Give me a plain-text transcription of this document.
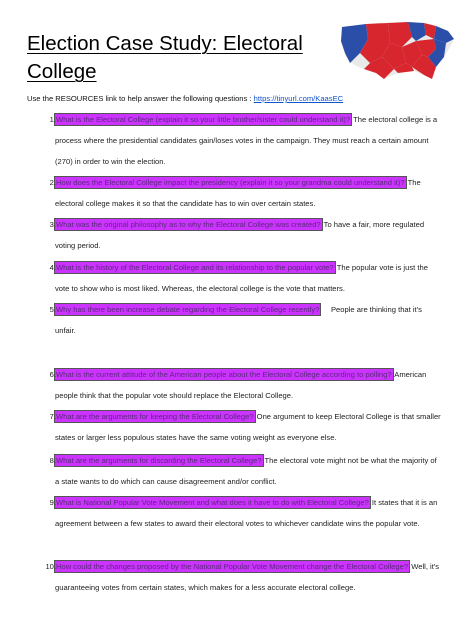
Election Case Study: Electoral
College
Use the RESOURCES link to help answer the following questions : https://tinyurl.com/KaasEC
1. What is the Electoral College (explain it so your little brother/sister could understand it)? The electoral college is a process where the presidential candidates gain/loses votes in the campaign. They must reach a certain amount (270) in order to win the election.
2. How does the Electoral College impact the presidency (explain it so your grandma could understand it)? The electoral college makes it so that the candidate has to win over certain states.
3. What was the original philosophy as to why the Electoral College was created? To have a fair, more regulated voting period.
4. What is the history of the Electoral College and its relationship to the popular vote? The popular vote is just the vote to show who is most liked. Whereas, the electoral college is the vote that matters.
5. Why has there been increase debate regarding the Electoral College recently?     People are thinking that it's unfair.
6. What is the current attitude of the American people about the Electoral College according to polling? American people think that the popular vote should replace the Electoral College.
7. What are the arguments for keeping the Electoral College? One argument to keep Electoral College is that smaller states or larger less populous states have the same voting weight as everyone else.
8. What are the arguments for discarding the Electoral College? The electoral vote might not be what the majority of a state wants to do which can cause disagreement and/or conflict.
9. What is National Popular Vote Movement and what does it have to do with Electoral College? It states that it is an agreement between a few states to award their electoral votes to whichever candidate wins the popular vote.
10. How could the changes proposed by the National Popular Vote Movement change the Electoral College? Well, it's guaranteeing votes from certain states, which makes for a less accurate electoral college.
